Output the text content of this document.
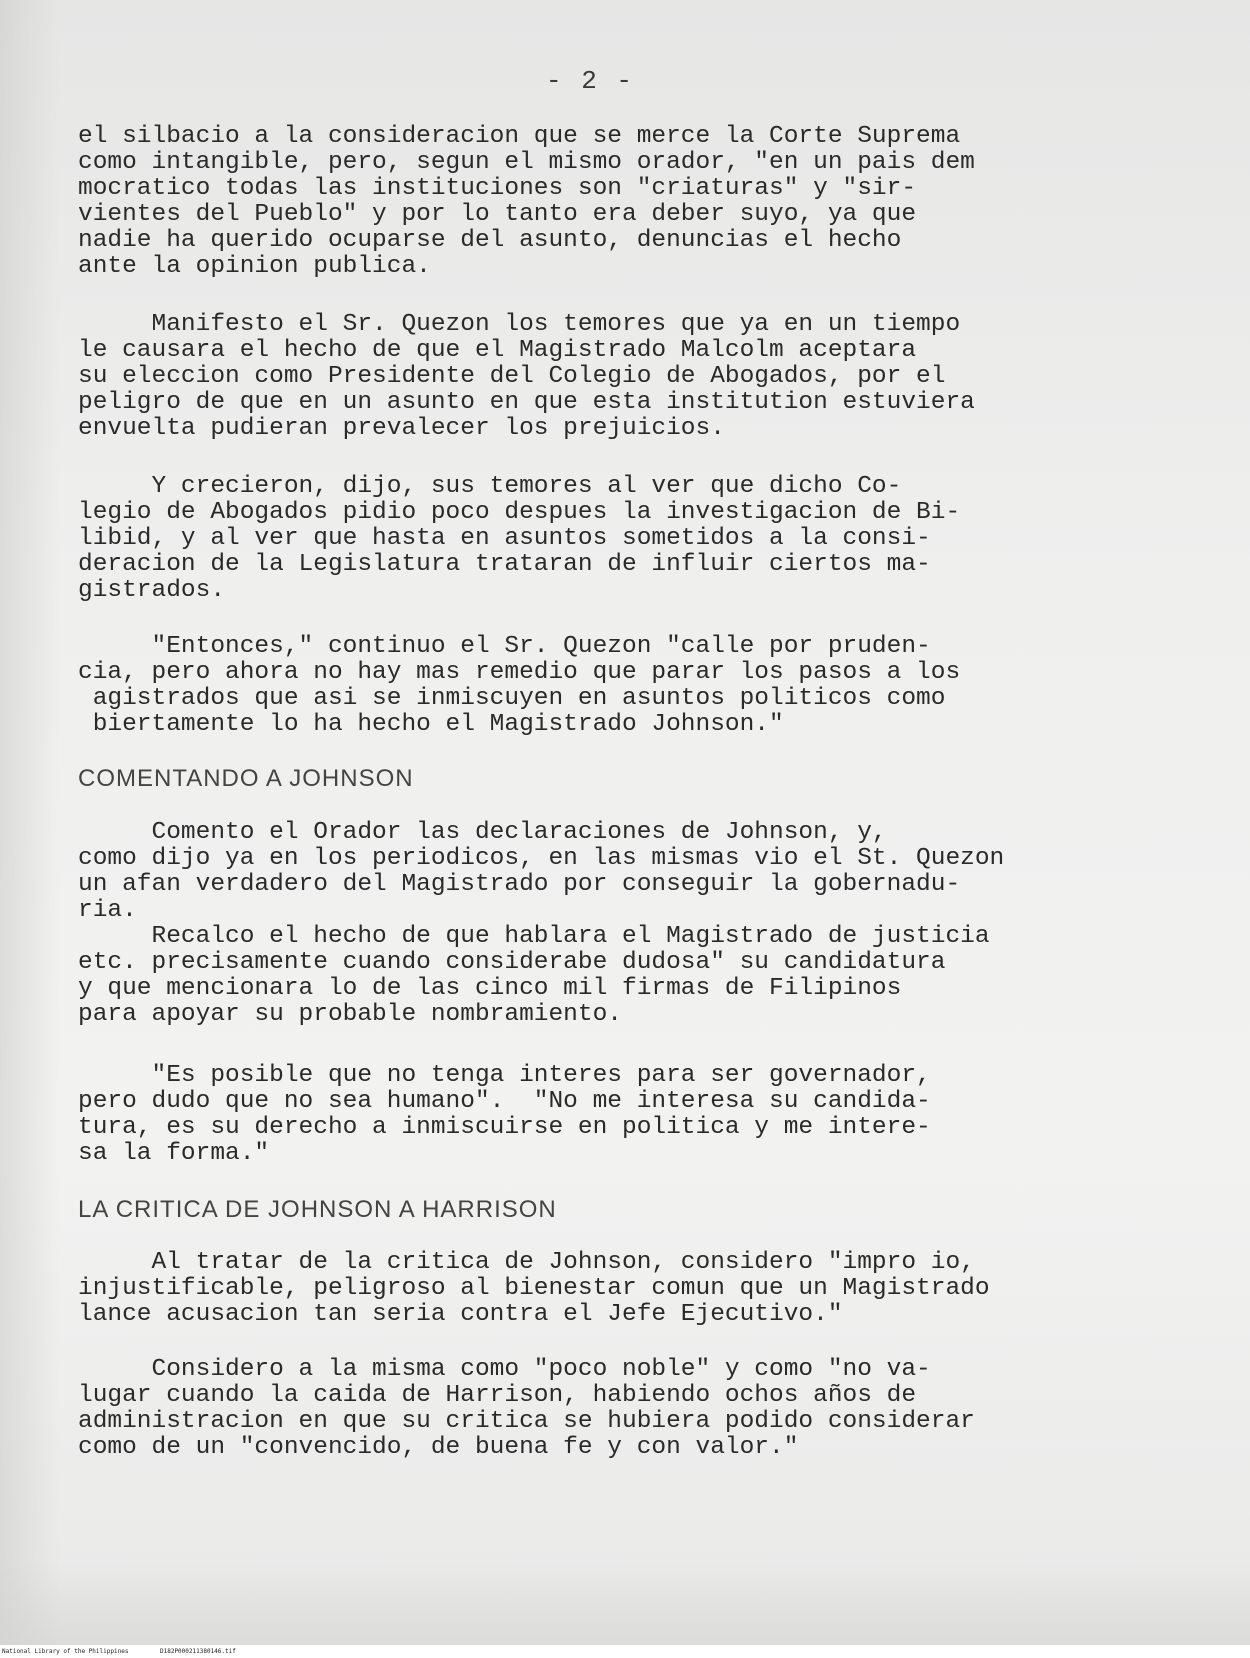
- 2 -
el silbacio a la consideracion que se merce la Corte Suprema
como intangible, pero, segun el mismo orador, "en un pais dem
mocratico todas las instituciones son "criaturas" y "sir-
vientes del Pueblo" y por lo tanto era deber suyo, ya que
nadie ha querido ocuparse del asunto, denuncias el hecho
ante la opinion publica.
Manifesto el Sr. Quezon los temores que ya en un tiempo
le causara el hecho de que el Magistrado Malcolm aceptara
su eleccion como Presidente del Colegio de Abogados, por el
peligro de que en un asunto en que esta institution estuviera
envuelta pudieran prevalecer los prejuicios.
Y crecieron, dijo, sus temores al ver que dicho Co-
legio de Abogados pidio poco despues la investigacion de Bi-
libid, y al ver que hasta en asuntos sometidos a la consi-
deracion de la Legislatura trataran de influir ciertos ma-
gistrados.
"Entonces," continuo el Sr. Quezon "calle por pruden-
cia, pero ahora no hay mas remedio que parar los pasos a los
agistrados que asi se inmiscuyen en asuntos politicos como
biertamente lo ha hecho el Magistrado Johnson."
COMENTANDO A JOHNSON
Comento el Orador las declaraciones de Johnson, y,
como dijo ya en los periodicos, en las mismas vio el St. Quezon
un afan verdadero del Magistrado por conseguir la gobernadu-
ria.
Recalco el hecho de que hablara el Magistrado de justicia
etc. precisamente cuando considerabe dudosa" su candidatura
y que mencionara lo de las cinco mil firmas de Filipinos
para apoyar su probable nombramiento.
"Es posible que no tenga interes para ser governador,
pero dudo que no sea humano".  "No me interesa su candida-
tura, es su derecho a inmiscuirse en politica y me intere-
sa la forma."
LA CRITICA DE JOHNSON A HARRISON
Al tratar de la critica de Johnson, considero "impro io,
injustificable, peligroso al bienestar comun que un Magistrado
lance acusacion tan seria contra el Jefe Ejecutivo."
Considero a la misma como "poco noble" y como "no va-
lugar cuando la caida de Harrison, habiendo ochos años de
administracion en que su critica se hubiera podido considerar
como de un "convencido, de buena fe y con valor."
National Library of the Philippines	D182P000211380146.tif
